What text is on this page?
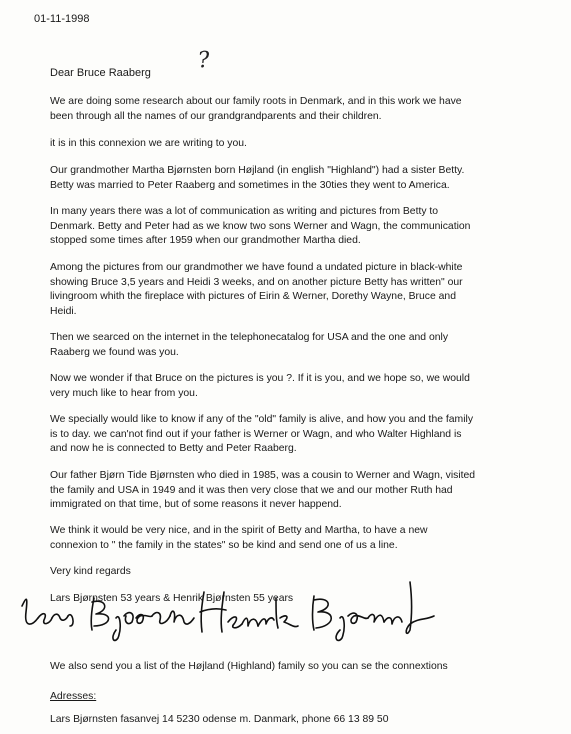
01-11-1998
?
Dear Bruce Raaberg
We are doing some research about our family roots in Denmark, and in this work we have
been through all the names of our grandgrandparents and their children.
it is in this connexion we are writing to you.
Our grandmother Martha Bjørnsten born Højland (in english "Highland") had a sister Betty.
Betty was married to Peter Raaberg and sometimes in the 30ties they went to America.
In many years there was a lot of communication as writing and pictures from Betty to
Denmark. Betty and Peter had as we know two sons Werner and Wagn, the communication
stopped some times after 1959 when our grandmother Martha died.
Among the pictures from our grandmother we have found a undated picture in black-white
showing Bruce 3,5 years and Heidi 3 weeks, and on another picture Betty has written" our
livingroom whith the fireplace with pictures of Eirin & Werner, Dorethy Wayne, Bruce and
Heidi.
Then we searced on the internet in the telephonecatalog for USA and the one and only
Raaberg we found was you.
Now we wonder if that Bruce on the pictures is you ?. If it is you, and we hope so, we would
very much like to hear from you.
We specially would like to know if any of the "old" family is alive, and how you and the family
is to day. we can'not find out if your father is Werner or Wagn, and who Walter Highland is
and now he is connected to Betty and Peter Raaberg.
Our father Bjørn Tide Bjørnsten who died in 1985, was a cousin to Werner and Wagn, visited
the family and USA in 1949 and it was then very close that we and our mother Ruth had
immigrated on that time, but of some reasons it never happend.
We think it would be very nice, and in the spirit of Betty and Martha, to have a new
connexion to " the family in the states" so be kind and send one of us a line.
Very kind regards
Lars Bjørnsten 53 years & Henrik Bjørnsten 55 years
We also send you a list of the Højland (Highland) family so you can se the connextions
Adresses:
Lars Bjørnsten fasanvej 14 5230 odense m. Danmark, phone 66 13 89 50
